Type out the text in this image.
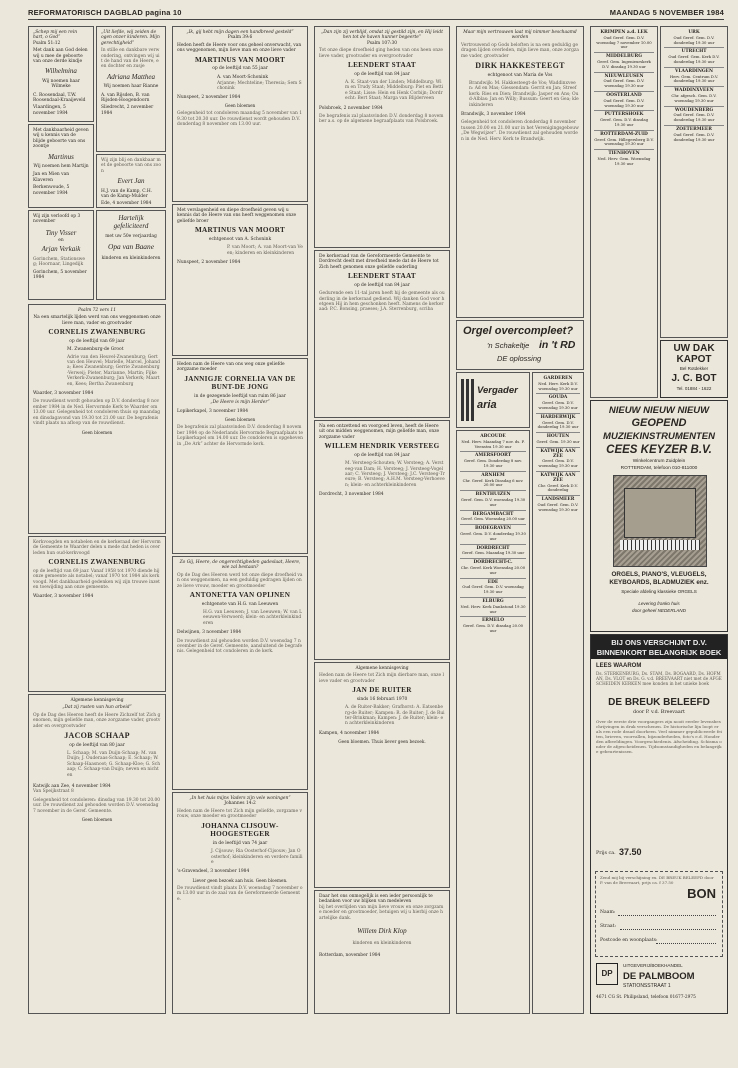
REFORMATORISCH DAGBLAD pagina 10	MAANDAG 5 NOVEMBER 1984
„Schep mij een rein hart, o God”
Psalm 51:12
Met dank aan God delen wij u mee de geboorte van onze derde kindje
Wilhelmina
Wij noemen haar Wilmeke
C. Roosendaal, T.W. Roosendaal-Kraaijeveld
Vlaardingen, 5 november 1984
„Uit liefde, wij zeiden de ogen onzer kinderen. Mijn gerechtigheid”
In stille en dankbare verwondering, ontvingen wij uit de hand van de Heere, een dochter en zusje
Adriana Matthea
Wij noemen haar Rianne
A. van Rijsden, B. van Rijsden-Hoogendoorn
Sliedrecht, 2 november 1984
Met dankbaarheid geven wij u kennis van de blijde geboorte van ons zoontje
Martinus
Wij noemen hem Martijn
Jan en Mien van Klaveren
Berkenwoude, 5 november 1984
Wij zijn blij en dankbaar met de geboorte van ons zoon
Evert Jan
H.J. van de Kamp, C.H. van de Kamp-Mulder
Ede, 4 november 1984
Wij zijn verloofd op 3 november
Tiny Visser
en
Arjan Verkaik
Gorinchem, Stationsweg; Hoornaar, Lingedijk
Gorinchem, 5 november 1984
Hartelijk gefeliciteerd
met uw 50e verjaardag
Opa van Baane
kinderen en kleinkinderen
Psalm 72 vers 11
Na een smartelijk lijden werd van ons weggenomen onze lieve man, vader en grootvader
CORNELIS ZWANENBURG
op de leeftijd van 69 jaar
M. Zwanenburg-de Groot
Adrie van den Heuvel-Zwanenburg; Gert van den Heuvel; Marielle, Marcel, Johanda; Kees Zwanenburg; Gerrie Zwanenburg-Verweij; Pieter, Marianne, Martin; Fijke Verkerk-Zwanenburg; Jan Verkerk; Maarten, Kees; Bertha Zwanenburg
Waarder, 3 november 1984
De rouwdienst wordt gehouden op D.V. donderdag 8 november 1984 in de Ned. Hervormde Kerk te Waarder om 13.00 uur. Gelegenheid tot condoleren thuis op maandag en dinsdagavond van 19.30 tot 21.00 uur. De begrafenis vindt plaats na afloop van de rouwdienst.
Geen bloemen
Kerkvoogden en notabelen en de kerkeraad der Hervormde Gemeente te Waarder delen u mede dat heden is overleden hun oud-kerkvoogd
CORNELIS ZWANENBURG
op de leeftijd van 69 jaar. Vanaf 1958 tot 1970 diende hij onze gemeente als notabel; vanaf 1970 tot 1984 als kerkvoogd. Met dankbaarheid gedenken wij zijn trouwe inzet en toewijding aan onze gemeente.
Waarder, 3 november 1984
Algemene kennisgeving
„Dat zij rusten van hun arbeid”
Op de Dag des Heeren heeft de Heere Zichzelf tot Zich genomen, mijn geliefde man, onze zorgzame vader, grootvader en overgrootvader
JACOB SCHAAP
op de leeftijd van 80 jaar
L. Schaap; M. van Duijn-Schaap; M. van Duijn; J. Ouderaas-Schaap; E. Schaap; W. Schaap-Haasnoot; G. Schaap-Kloe; G. Schaap; C. Schaap-van Duijn; neven en nichten
Katwijk aan Zee, 4 november 1984
Van Speijkstraat 8
Gelegenheid tot condoleren: dinsdag van 19.30 tot 20.00 uur. De rouwdienst zal gehouden worden D.V. woensdag 7 november in de Geref. Gemeente.
Geen bloemen
„Ik, gij hebt mijn dagen een handbreed gesteld”
Psalm 39:6
Heden heeft de Heere voor ons geheel onverwacht, van ons weggenomen, mijn lieve man en onze lieve vader
MARTINUS VAN MOORT
op de leeftijd van 55 jaar
A. van Moort-Schonink
Arjanne; Mechteline; Theresia; Sem Schonink
Nunspeet, 2 november 1984
Geen bloemen
Gelegenheid tot condoleren maandag 5 november van 19.30 tot 20.30 uur. De rouwdienst wordt gehouden D.V. donderdag 8 november om 13.00 uur.
Met verslagenheid en diepe droefheid geven wij u kennis dat de Heere van ons heeft weggenomen onze geliefde broer
MARTINUS VAN MOORT
echtgenoot van A. Schonink
P. van Moort; A. van Moort-van Veen; kinderen en kleinkinderen
Nunspeet, 2 november 1984
Heden nam de Heere van ons weg onze geliefde zorgzame moeder
JANNIGJE CORNELIA VAN DE BUNT-DE JONG
in de gezegende leeftijd van ruim 86 jaar
„De Heere is mijn Herder”
Lopikerkapel, 3 november 1984
Geen bloemen
De begrafenis zal plaatsvinden D.V. donderdag 8 november 1984 op de Nederlands Hervormde Begraafplaats te Lopikerkapel om 14.00 uur. De condoleren is opgeheven in „De Ark” achter de Hervormde kerk.
Zo Gij, Heere, de ongerechtigheden gadeslaat, Heere, wie zal bestaan?
Op de Dag des Heeren werd tot onze diepe droefheid van ons weggenomen, na een geduldig gedragen lijden onze lieve vrouw, moeder en grootmoeder
ANTONETTA VAN OPIJNEN
echtgenote van H.G. van Leeuwen
H.G. van Leeuwen; J. van Leeuwen; W. van Leeuwen-Verwoerd; klein- en achterkleinkinderen
Delwijnen, 3 november 1984
De rouwdienst zal gehouden worden D.V. woensdag 7 november in de Geref. Gemeente, aansluitend de begrafenis. Gelegenheid tot condoleren in de kerk.
„In het huis mijns Vaders zijn vele woningen”
Johannes 14:2
Heden nam de Heere tot Zich mijn geliefde, zorgzame vrouw, onze moeder en grootmoeder
JOHANNA CIJSOUW-HOOGESTEGER
in de leeftijd van 74 jaar
J. Cijsouw; Ria Oosterhof-Cijsouw; Jan Oosterhof; kleinkinderen en verdere familie
's-Gravendeel, 3 november 1984
Liever geen bezoek aan huis. Geen bloemen.
De rouwdienst vindt plaats D.V. woensdag 7 november om 13.00 uur in de zaal van de Gereformeerde Gemeente.
„Dan zijn zij verblijd, omdat zij gestild zijn, en Hij leidt hen tot de haven hunner begeerte”
Psalm 107:30
Tot onze diepe droefheid ging heden van ons heen onze lieve vader, grootvader en overgrootvader
LEENDERT STAAT
op de leeftijd van 84 jaar
A. K. Staat-van der Linden; Middelburg: Wim en Trudy Staat; Middelburg: Piet en Bettie Staat; Lisse: Hein en Henk Corbijn; Dordrecht: Bert Staat; Marga van Blijderveen
Polsbroek, 2 november 1984
De begrafenis zal plaatsvinden D.V. donderdag 8 november a.s. op de algemene begraafplaats van Polsbroek.
De kerkeraad van de Gereformeerde Gemeente te Dordrecht deelt met droefheid mede dat de Heere tot Zich heeft genomen onze geliefde ouderling
LEENDERT STAAT
op de leeftijd van 84 jaar
Gedurende een 11-tal jaren heeft hij de gemeente als ouderling in de kerkeraad gediend. Wij danken God voor hetgeen Hij in hem geschonken heeft. Namens de kerkeraad: P.C. Bonsing, praeses; J.A. Sterrenburg, scriba
Na een ontzettend en voorgoed leven, heeft de Heere uit ons midden weggenomen, mijn geliefde man, onze zorgzame vader
WILLEM HENDRIK VERSTEEG
op de leeftijd van 84 jaar
M. Versteeg-Schouten; W. Versteeg; A. Versteeg-van Dam; H. Versteeg; J. Versteeg-Vogelaar; C. Versteeg; J. Versteeg; J.C. Versteeg-Treure; B. Versteeg; A.H.M. Versteeg-Verhoeven; klein- en achterkleinkinderen
Dordrecht, 3 november 1984
Algemene kennisgeving
Heden nam de Heere tot Zich mijn dierbare man, onze lieve vader en grootvader
JAN DE RUITER
sinds 16 februari 1970
A. de Ruiter-Bakker; Grafhorst: A. Eatsenberg-de Ruiter; Kampen: R. de Ruiter; J. de Ruiter-Brinkman; Kampen: J. de Ruiter; klein- en achterkleinkinderen
Kampen, 4 november 1984
Geen bloemen. Thuis liever geen bezoek.
Daar het ons onmogelijk is een ieder persoonlijk te bedanken voor uw blijken van medeleven
bij het overlijden van mijn lieve vrouw en onze zorgzame moeder en grootmoeder, betuigen wij u hierbij onze hartelijke dank.
Willem Dirk Klop
kinderen en kleinkinderen
Rotterdam, november 1984
Maar mijn vertrouwen laat mij nimmer beschaamd worden
Vertrouwend op Gods beloften is na een geduldig gedragen lijden overleden, mijn lieve man, onze zorgzame vader, grootvader
DIRK HAKKESTEEGT
echtgenoot van Maria de Vos
Brandwijk: M. Hakkesteegt-de Vos; Waddinxveen: Ad en Mas; Giessendam: Gerrit en Jan; Streefkerk: Ries en Dien; Brandwijk: Jasper en Ans; Oud-Alblas: Jan en Willy; Bussum: Geert en Gea; kleinkinderen
Brandwijk, 3 november 1984
Gelegenheid tot condoleren donderdag 8 november tussen 20.00 en 21.00 uur in het Verenigingsgebouw „De Wegwijzer”. De rouwdienst zal gehouden worden in de Ned. Herv. Kerk te Brandwijk.
Orgel overcompleet?
'n Schakeltje in 't RD
DE oplossing
Vergader
aria
ABCOUDE
Ned. Herv. Maandag 7 nov. ds. P. Veenstra 19.30 uur
AMERSFOORT
Geref. Gem. Donderdag 8 nov. 19.30 uur
ARNHEM
Chr. Geref. Kerk Dinsdag 6 nov. 20.00 uur
BENTHUIZEN
Geref. Gem. D.V. woensdag 19.30 uur
BERGAMBACHT
Geref. Gem. Woensdag 20.00 uur
BODEGRAVEN
Geref. Gem. D.V. donderdag 19.30 uur
DORDRECHT
Geref. Gem. Maandag 19.30 uur
DORDRECHT-C.
Chr. Geref. Kerk Woensdag 20.00 uur
EDE
Oud Geref. Gem. D.V. woensdag 19.30 uur
ELBURG
Ned. Herv. Kerk Dankstond 19.30 uur
ERMELO
Geref. Gem. D.V. dinsdag 20.00 uur
GARDEREN
Ned. Herv. Kerk D.V. woensdag 19.30 uur
GOUDA
Geref. Gem. D.V. woensdag 19.30 uur
HARDERWIJK
Geref. Gem. D.V. donderdag 19.30 uur
HOUTEN
Geref. Gem. 19.30 uur
KATWIJK AAN ZEE
Geref. Gem. D.V. woensdag 19.30 uur
KATWIJK AAN ZEE
Chr. Geref. Kerk D.V. donderdag
LANDSMEER
Oud Geref. Gem. D.V. woensdag 19.30 uur
KRIMPEN a.d. LEK
Oud Geref. Gem. D.V. woensdag 7 november 10.00 uur
MIDDELBURG
Geref. Gem. Ingenieurskerk D.V. dinsdag 19.30 uur
NIEUWLEUSEN
Oud Geref. Gem. D.V. woensdag 19.30 uur
OOSTERLAND
Oud Geref. Gem. D.V. woensdag 19.30 uur
PUTTERSHOEK
Geref. Gem. D.V. dinsdag 19.30 uur
ROTTERDAM-ZUID
Geref. Gem. Hillegersberg D.V. woensdag 19.30 uur
TIENHOVEN
Ned. Herv. Gem. Woensdag 19.30 uur
URK
Oud Geref. Gem. D.V. donderdag 19.30 uur
UTRECHT
Oud Geref. Gem. Kerk D.V. donderdag 19.30 uur
VLAARDINGEN
Herv. Gem. Centrum D.V. donderdag 19.30 uur
WADDINXVEEN
Chr. afgesch. Gem. D.V. woensdag 19.30 uur
WOUDENBERG
Oud Geref. Gem. D.V. donderdag 19.30 uur
ZOETERMEER
Oud Geref. Gem. D.V. donderdag 19.30 uur
UW DAK
KAPOT
Bel Rotdekker
J. C. BOT
Tel. 01884 - 1622
NIEUW NIEUW NIEUW
GEOPEND
MUZIEKINSTRUMENTEN
CEES KEYZER B.V.
Winkelcentrum Zuidplein
ROTTERDAM, telefoon 010-811000
ORGELS, PIANO'S, VLEUGELS,
KEYBOARDS, BLADMUZIEK enz.
Speciale afdeling klassieke ORGELS
Levering franko huis
door geheel NEDERLAND
BIJ ONS VERSCHIJNT D.V.
BINNENKORT BELANGRIJK BOEK
LEES WAAROM
Ds. STERKENBURG, Ds. STAM, Ds. BOGAARD, Ds. HOFMAN, Ds. VLOT en Ds. G. v.d. BREEVAART niet met de AFGESCHEIDEN KERKEN mee konden in het unieke boek
DE BREUK BELEEFD
door P. v.d. Breevaart
Over de eerste drie voorgangers zijn nooit eerder levensbeschrijvingen in druk verschenen. De historische lijn loopt er als een rode draad doorheen. Veel nimmer gepubliceerde feiten, brieven, voorvallen, bijzonderheden, foto's e.d. Honderden afbeeldingen. Voorgeschiedenis. Afscheiding. Schisma onder de afgescheidenen. Tijdsomstandigheden en belangrijke gebeurtenissen.
Prijs ca. 37.50
Zend mij bij verschijning ex. DE BREUK BELEEFD door P. van de Breevaart, prijs ca. f 37.50
BON
Naam:
Straat:
Postcode en woonplaats:
DP
UITGEVERIJ/BOEKHANDEL
DE PALMBOOM
STATIONSSTRAAT 1
4671 CG St. Philipsland, telefoon 01677-2975
